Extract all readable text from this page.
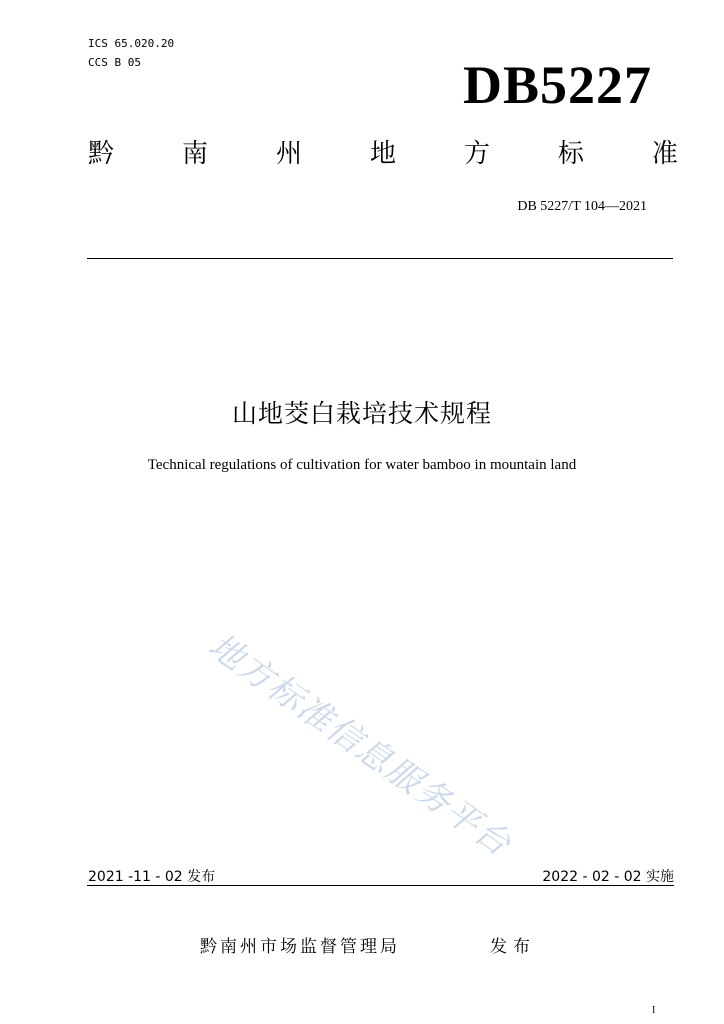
ICS 65.020.20
CCS B 05	DB5227
黔	南	州	地	方	标	准
DB 5227/T 104—2021
山地茭白栽培技术规程
Technical regulations of cultivation for water bamboo in mountain land
地方标准信息服务平台
2021 -11 - 02 发布	2022 - 02 - 02 实施
黔南州市场监督管理局	发布
I
